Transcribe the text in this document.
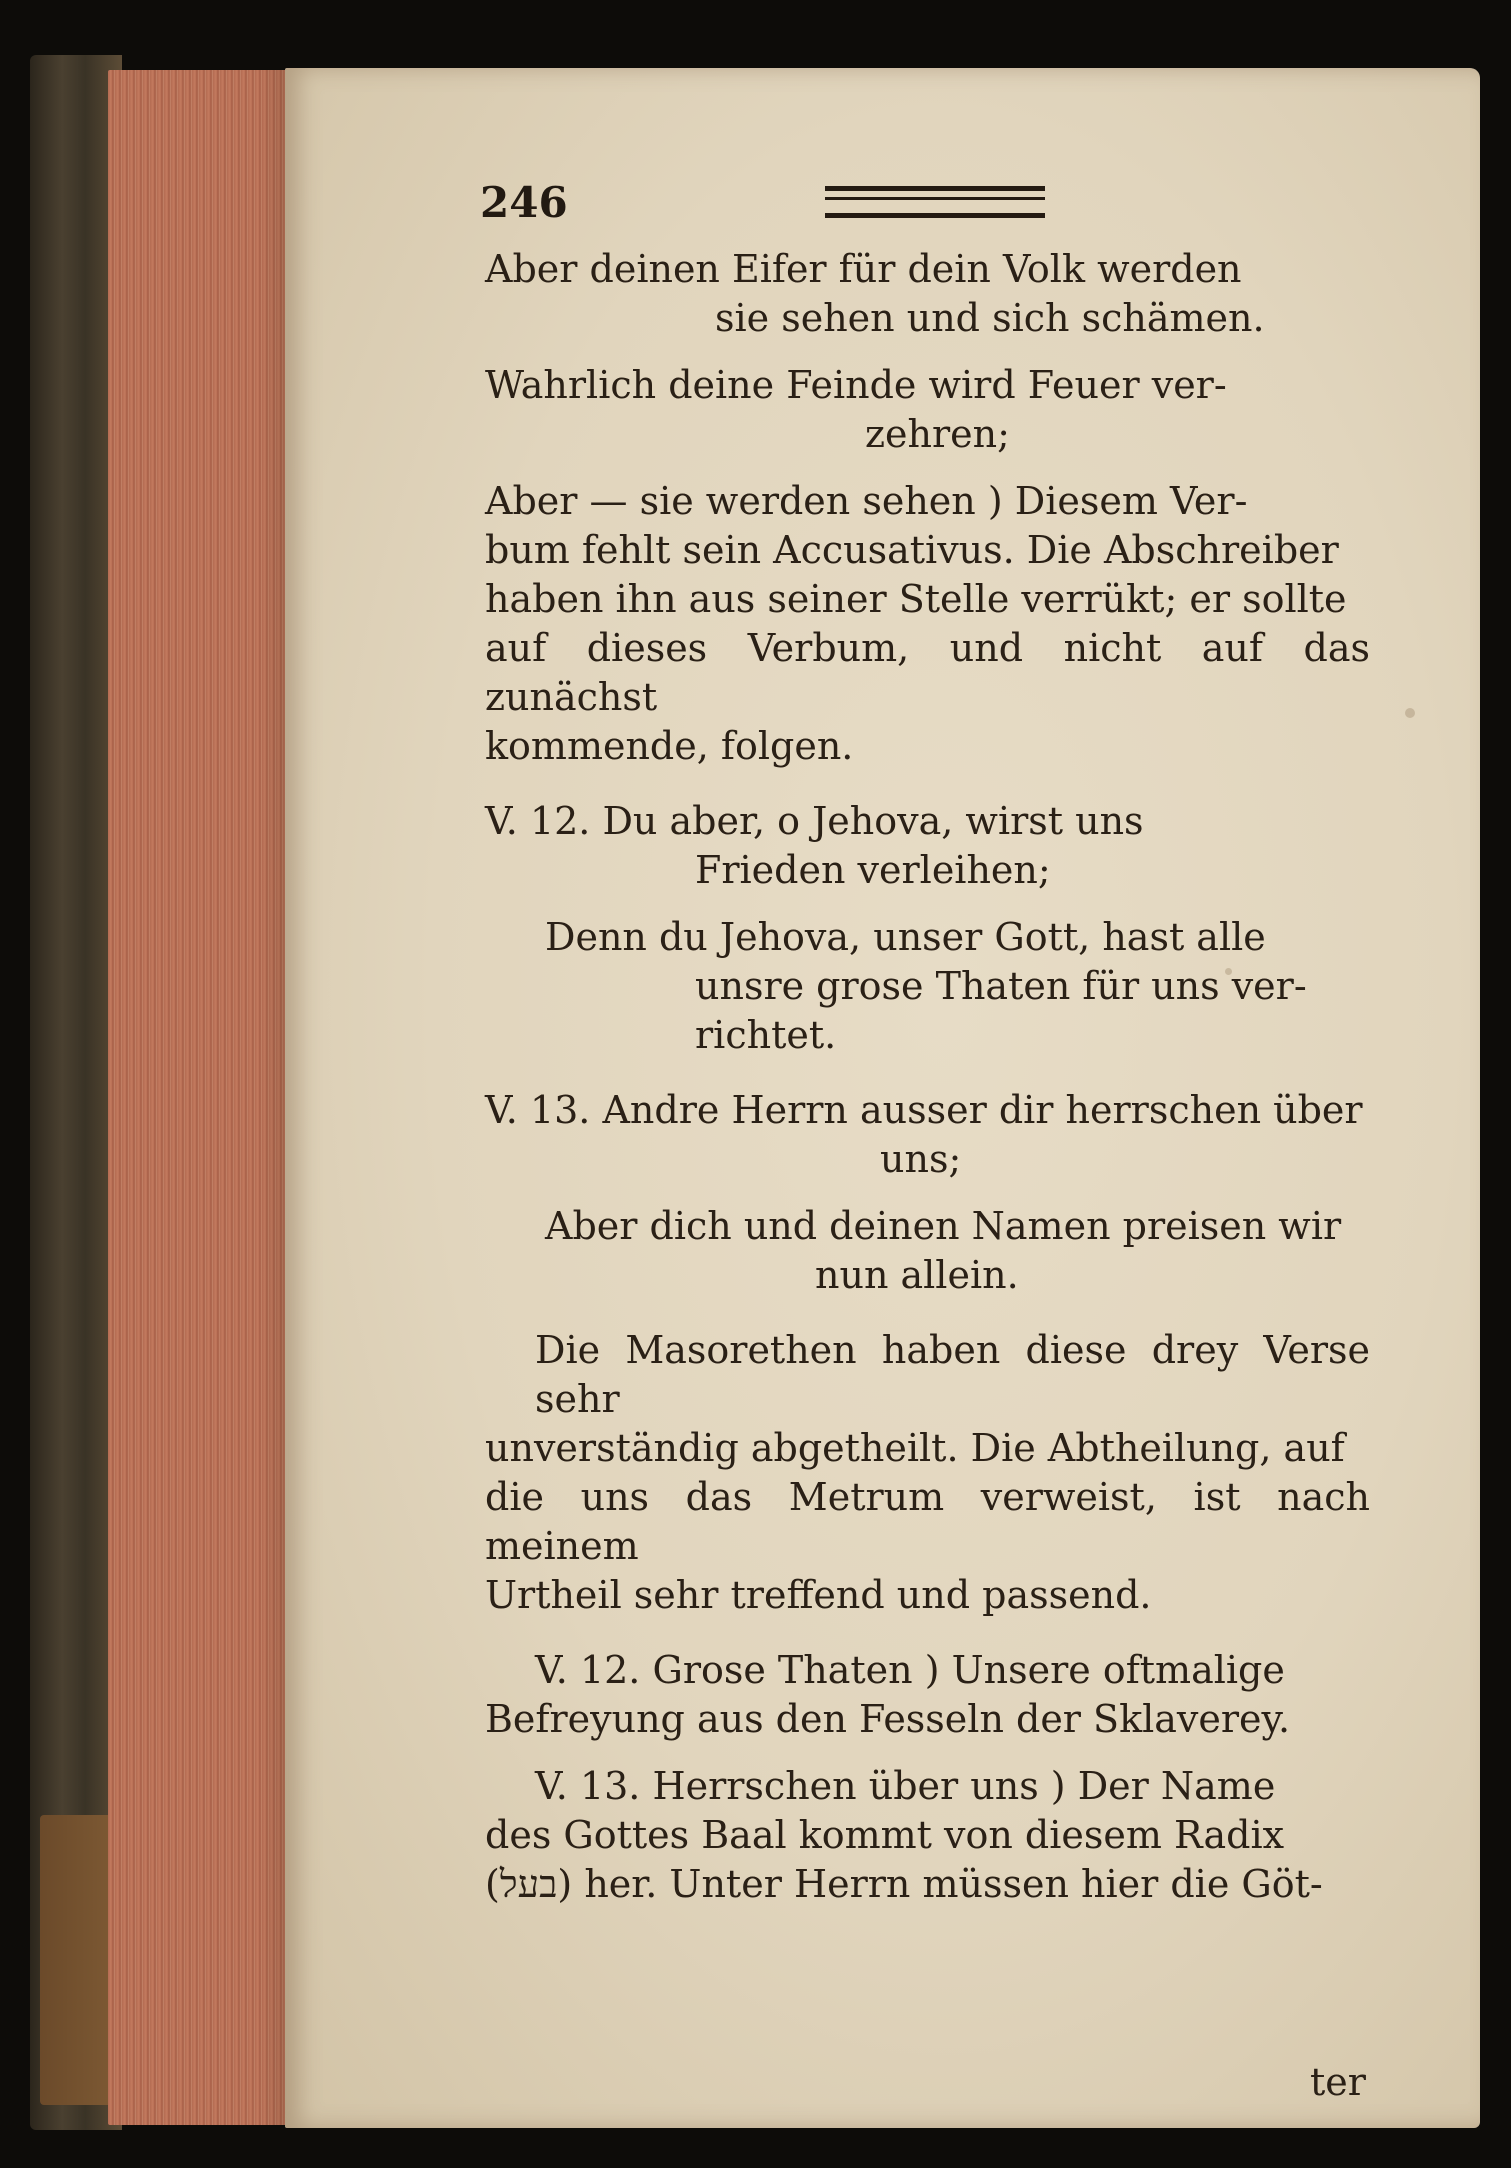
246

Aber deinen Eifer für dein Volk werden

sie sehen und sich schämen.

Wahrlich deine Feinde wird Feuer ver-

zehren;

Aber — sie werden sehen ) Diesem Ver-

bum fehlt sein Accusativus. Die Abschreiber

haben ihn aus seiner Stelle verrükt; er sollte

auf dieses Verbum, und nicht auf das zunächst

kommende, folgen.

V. 12. Du aber, o Jehova, wirst uns

Frieden verleihen;

Denn du Jehova, unser Gott, hast alle

unsre grose Thaten für uns ver-

richtet.

V. 13. Andre Herrn ausser dir herrschen über

uns;

Aber dich und deinen Namen preisen wir

nun allein.

Die Masorethen haben diese drey Verse sehr

unverständig abgetheilt. Die Abtheilung, auf

die uns das Metrum verweist, ist nach meinem

Urtheil sehr treffend und passend.

V. 12. Grose Thaten ) Unsere oftmalige

Befreyung aus den Fesseln der Sklaverey.

V. 13. Herrschen über uns ) Der Name

des Gottes Baal kommt von diesem Radix

(בעל) her. Unter Herrn müssen hier die Göt-

ter
